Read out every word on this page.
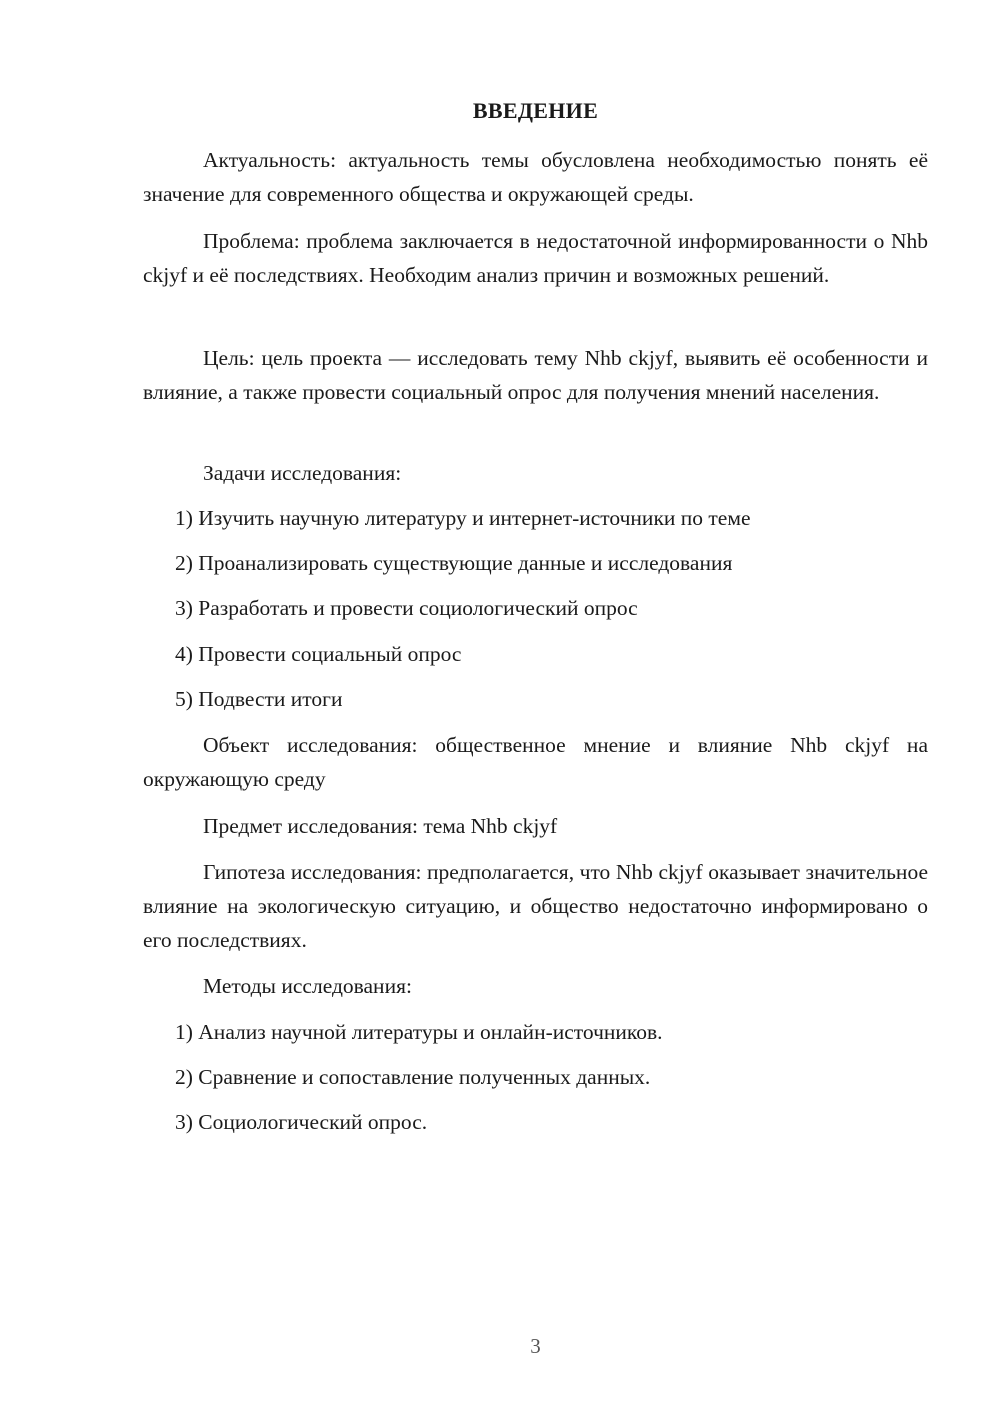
ВВЕДЕНИЕ

Актуальность: актуальность темы обусловлена необходимостью понять её значение для современного общества и окружающей среды.

Проблема: проблема заключается в недостаточной информированности о Nhb ckjyf и её последствиях. Необходим анализ причин и возможных решений.

Цель: цель проекта — исследовать тему Nhb ckjyf, выявить её особенности и влияние, а также провести социальный опрос для получения мнений населения.

Задачи исследования:

1) Изучить научную литературу и интернет-источники по теме

2) Проанализировать существующие данные и исследования

3) Разработать и провести социологический опрос

4) Провести социальный опрос

5) Подвести итоги

Объект исследования: общественное мнение и влияние Nhb ckjyf на окружающую среду

Предмет исследования: тема Nhb ckjyf

Гипотеза исследования: предполагается, что Nhb ckjyf оказывает значительное влияние на экологическую ситуацию, и общество недостаточно информировано о его последствиях.

Методы исследования:

1) Анализ научной литературы и онлайн-источников.

2) Сравнение и сопоставление полученных данных.

3) Социологический опрос.

3
